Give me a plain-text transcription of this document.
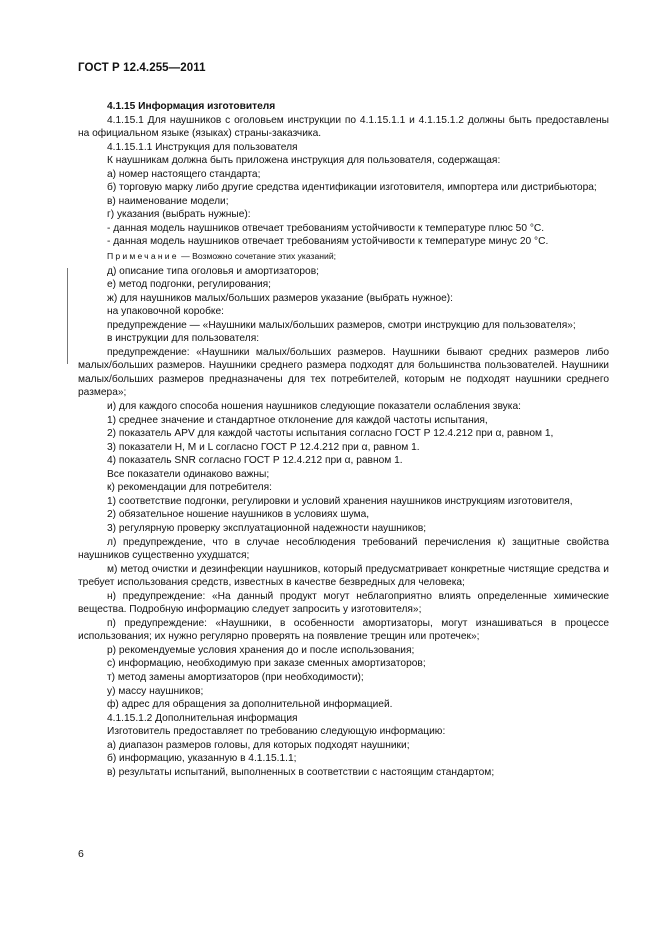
ГОСТ Р 12.4.255—2011

4.1.15 Информация изготовителя

4.1.15.1 Для наушников с оголовьем инструкции по 4.1.15.1.1 и 4.1.15.1.2 должны быть предоставлены на официальном языке (языках) страны-заказчика.

4.1.15.1.1 Инструкция для пользователя

К наушникам должна быть приложена инструкция для пользователя, содержащая:

а) номер настоящего стандарта;

б) торговую марку либо другие средства идентификации изготовителя, импортера или дистрибьютора;

в) наименование модели;

г) указания (выбрать нужные):

- данная модель наушников отвечает требованиям устойчивости к температуре плюс 50 °С.

- данная модель наушников отвечает требованиям устойчивости к температуре минус 20 °С.

Примечание — Возможно сочетание этих указаний;

д) описание типа оголовья и амортизаторов;

е) метод подгонки, регулирования;

ж) для наушников малых/больших размеров указание (выбрать нужное):

на упаковочной коробке:

предупреждение — «Наушники малых/больших размеров, смотри инструкцию для пользователя»;

в инструкции для пользователя:

предупреждение: «Наушники малых/больших размеров. Наушники бывают средних размеров либо малых/больших размеров. Наушники среднего размера подходят для большинства пользователей. Наушники малых/больших размеров предназначены для тех потребителей, которым не подходят наушники среднего размера»;

и) для каждого способа ношения наушников следующие показатели ослабления звука:

1) среднее значение и стандартное отклонение для каждой частоты испытания,

2) показатель APV для каждой частоты испытания согласно ГОСТ Р 12.4.212 при α, равном 1,

3) показатели H, M и L согласно ГОСТ Р 12.4.212 при α, равном 1.

4) показатель SNR согласно ГОСТ Р 12.4.212 при α, равном 1.

Все показатели одинаково важны;

к) рекомендации для потребителя:

1) соответствие подгонки, регулировки и условий хранения наушников инструкциям изготовителя,

2) обязательное ношение наушников в условиях шума,

3) регулярную проверку эксплуатационной надежности наушников;

л) предупреждение, что в случае несоблюдения требований перечисления к) защитные свойства наушников существенно ухудшатся;

м) метод очистки и дезинфекции наушников, который предусматривает конкретные чистящие средства и требует использования средств, известных в качестве безвредных для человека;

н) предупреждение: «На данный продукт могут неблагоприятно влиять определенные химические вещества. Подробную информацию следует запросить у изготовителя»;

п) предупреждение: «Наушники, в особенности амортизаторы, могут изнашиваться в процессе использования; их нужно регулярно проверять на появление трещин или протечек»;

р) рекомендуемые условия хранения до и после использования;

с) информацию, необходимую при заказе сменных амортизаторов;

т) метод замены амортизаторов (при необходимости);

у) массу наушников;

ф) адрес для обращения за дополнительной информацией.

4.1.15.1.2 Дополнительная информация

Изготовитель предоставляет по требованию следующую информацию:

а) диапазон размеров головы, для которых подходят наушники;

б) информацию, указанную в 4.1.15.1.1;

в) результаты испытаний, выполненных в соответствии с настоящим стандартом;

6
